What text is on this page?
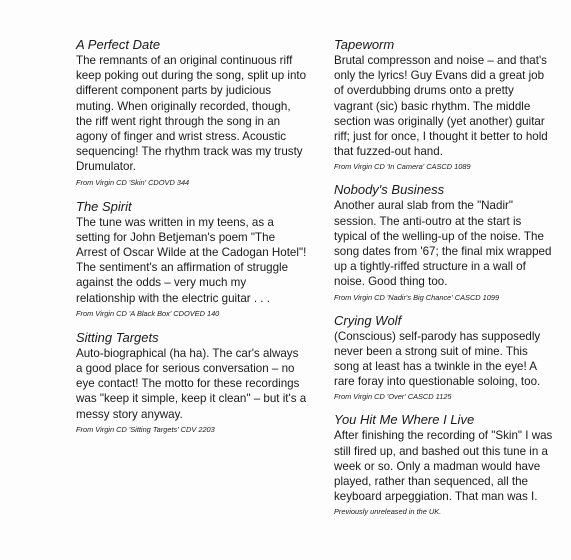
A Perfect Date

The remnants of an original continuous riff keep poking out during the song, split up into different component parts by judicious muting. When originally recorded, though, the riff went right through the song in an agony of finger and wrist stress. Acoustic sequencing! The rhythm track was my trusty Drumulator.

From Virgin CD 'Skin' CDOVD 344

The Spirit

The tune was written in my teens, as a setting for John Betjeman's poem "The Arrest of Oscar Wilde at the Cadogan Hotel"! The sentiment's an affirmation of struggle against the odds – very much my relationship with the electric guitar . . .

From Virgin CD 'A Black Box' CDOVED 140

Sitting Targets

Auto-biographical (ha ha). The car's always a good place for serious conversation – no eye contact! The motto for these recordings was "keep it simple, keep it clean" – but it's a messy story anyway.

From Virgin CD 'Sitting Targets' CDV 2203

Tapeworm

Brutal compresson and noise – and that's only the lyrics! Guy Evans did a great job of overdubbing drums onto a pretty vagrant (sic) basic rhythm. The middle section was originally (yet another) guitar riff; just for once, I thought it better to hold that fuzzed-out hand.

From Virgin CD 'In Camera' CASCD 1089

Nobody's Business

Another aural slab from the "Nadir" session. The anti-outro at the start is typical of the welling-up of the noise. The song dates from '67; the final mix wrapped up a tightly-riffed structure in a wall of noise. Good thing too.

From Virgin CD 'Nadir's Big Chance' CASCD 1099

Crying Wolf

(Conscious) self-parody has supposedly never been a strong suit of mine. This song at least has a twinkle in the eye! A rare foray into questionable soloing, too.

From Virgin CD 'Over' CASCD 1125

You Hit Me Where I Live

After finishing the recording of "Skin" I was still fired up, and bashed out this tune in a week or so. Only a madman would have played, rather than sequenced, all the keyboard arpeggiation. That man was I.

Previously unreleased in the UK.
